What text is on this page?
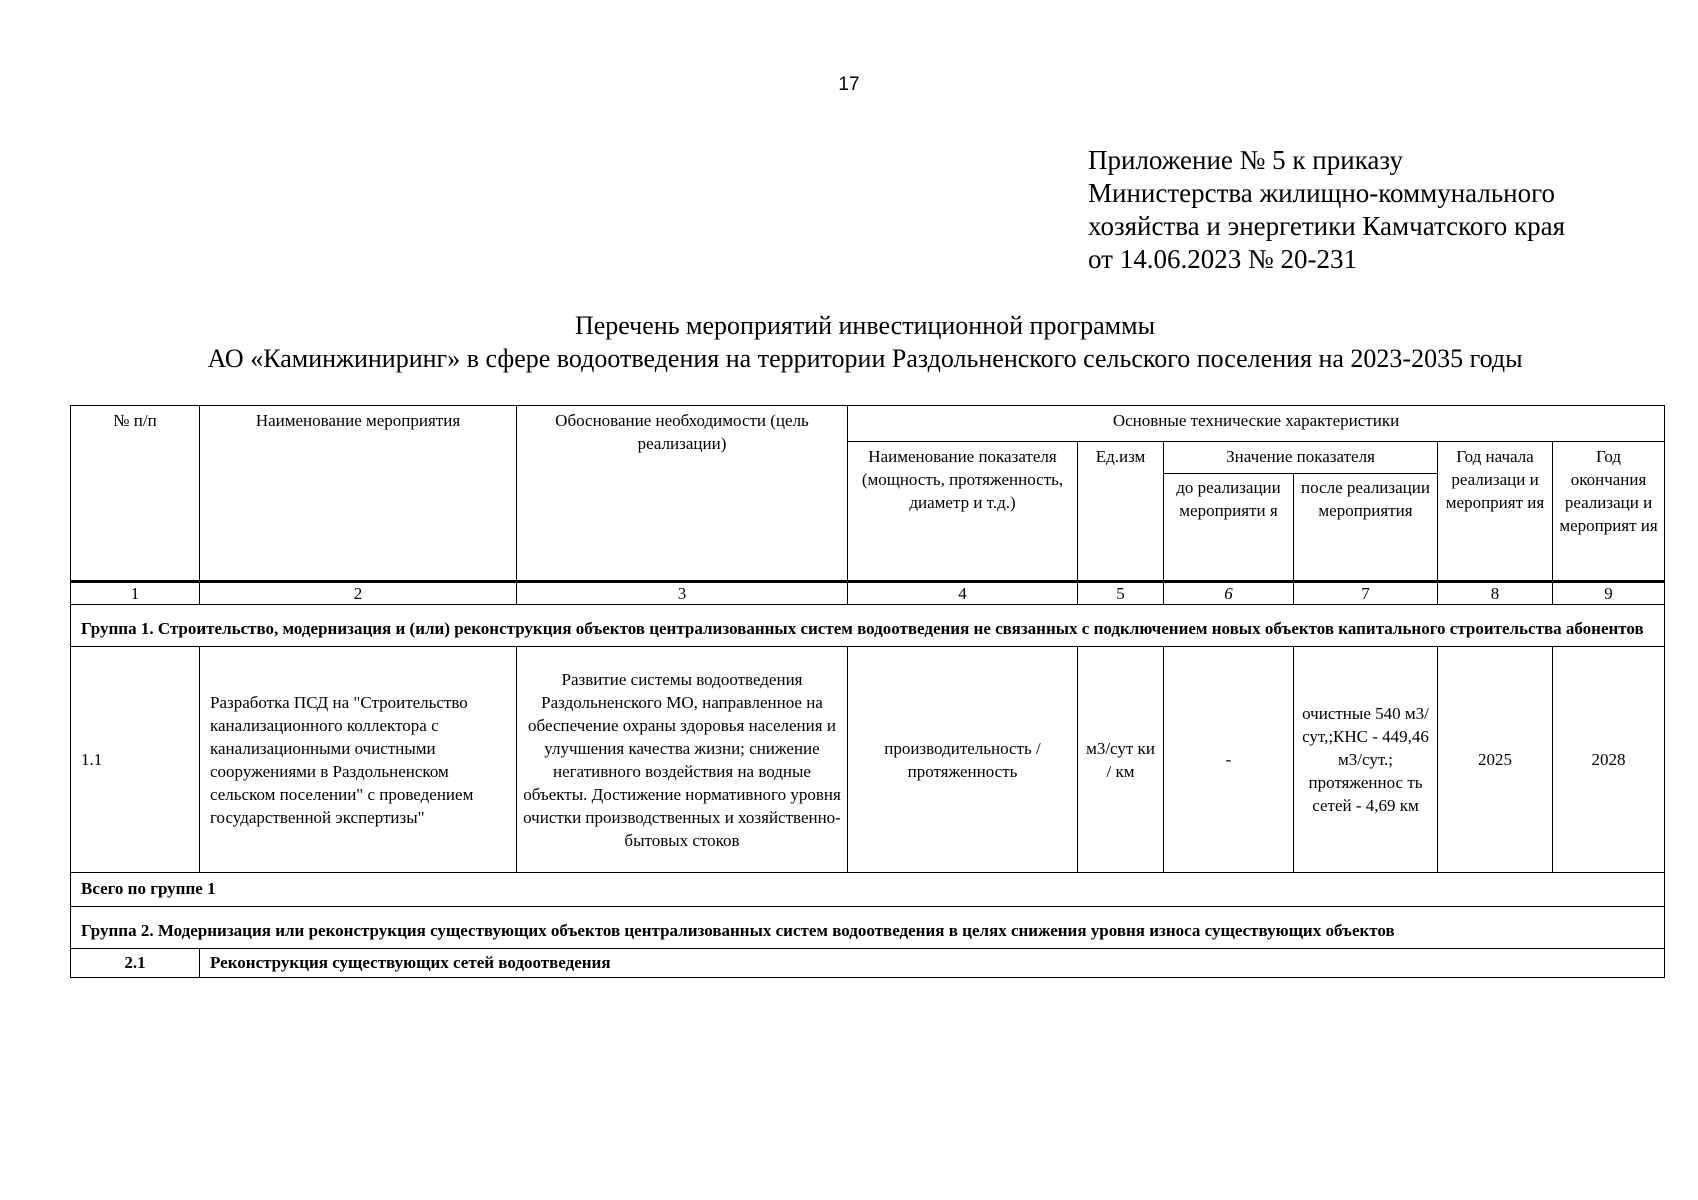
17
Приложение № 5 к приказу
Министерства жилищно-коммунального
хозяйства и энергетики Камчатского края
от 14.06.2023 № 20-231
Перечень мероприятий инвестиционной программы
АО «Каминжиниринг» в сфере водоотведения на территории Раздольненского сельского поселения на 2023-2035 годы
№ п/п	Наименование мероприятия	Обоснование необходимости (цель реализации)	Основные технические характеристики					
			Наименование показателя (мощность, протяженность, диаметр и т.д.)	Ед.изм	Значение показателя		Год начала реализаци и мероприят ия	Год окончания реализаци и мероприят ия
					до реализации мероприяти я	после реализации мероприятия		
1	2	3	4	5	6	7	8	9
Группа 1. Строительство, модернизация и (или) реконструкция объектов централизованных систем водоотведения не связанных с подключением новых объектов капитального строительства абонентов								
1.1	Разработка ПСД на "Строительство канализационного коллектора с канализационными очистными сооружениями в Раздольненском сельском поселении" с проведением государственной экспертизы"	Развитие системы водоотведения Раздольненского МО, направленное на обеспечение охраны здоровья населения и улучшения качества жизни; снижение негативного воздействия на водные объекты. Достижение нормативного уровня очистки производственных и хозяйственно-бытовых стоков	производительность / протяженность	м3/сут ки / км	-	очистные 540 м3/сут,;КНС - 449,46 м3/сут.; протяженнос ть сетей - 4,69 км	2025	2028
Всего по группе 1								
Группа 2. Модернизация или реконструкция существующих объектов централизованных систем водоотведения в целях снижения уровня износа существующих объектов								
2.1	Реконструкция существующих сетей водоотведения							
